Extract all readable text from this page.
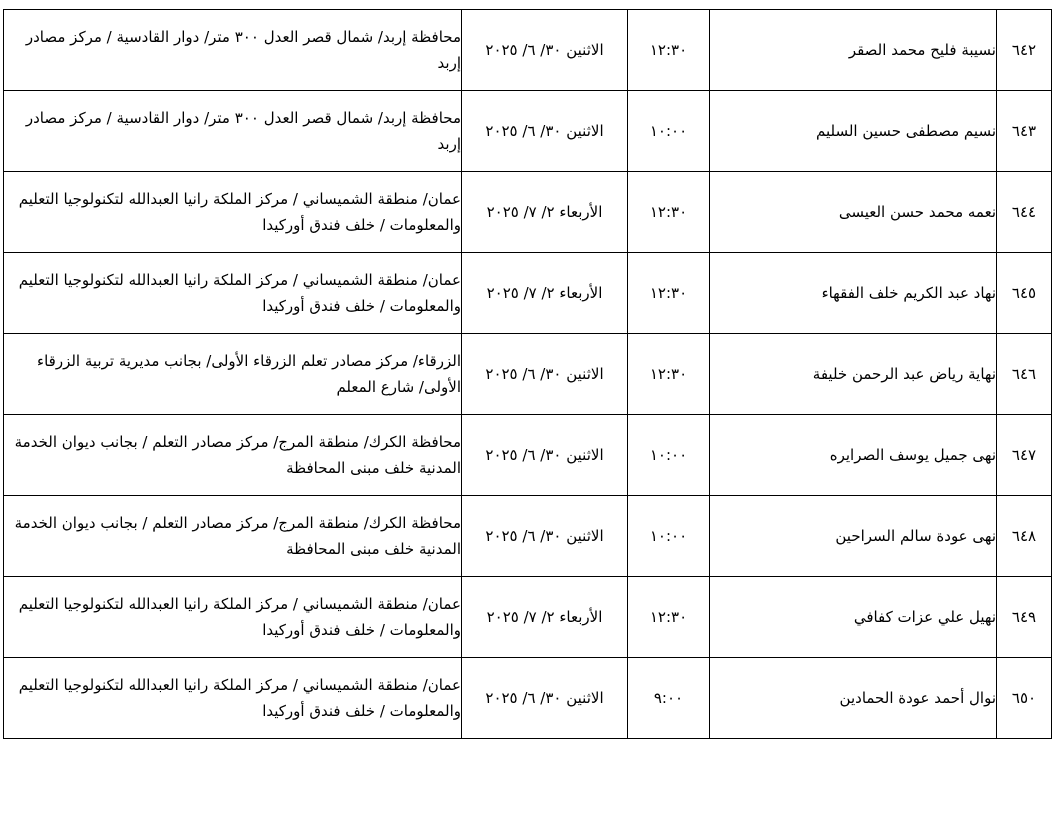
٦٤٢	نسيبة فليح محمد الصقر	١٢:٣٠	الاثنين ٣٠/ ٦/ ٢٠٢٥	محافظة إربد/ شمال قصر العدل ٣٠٠ متر/ دوار القادسية / مركز مصادر إربد
٦٤٣	نسيم مصطفى حسين السليم	١٠:٠٠	الاثنين ٣٠/ ٦/ ٢٠٢٥	محافظة إربد/ شمال قصر العدل ٣٠٠ متر/ دوار القادسية / مركز مصادر إربد
٦٤٤	نعمه محمد حسن العيسى	١٢:٣٠	الأربعاء ٢/ ٧/ ٢٠٢٥	عمان/ منطقة الشميساني / مركز الملكة رانيا العبدالله لتكنولوجيا التعليم والمعلومات / خلف فندق أوركيدا
٦٤٥	نهاد عبد الكريم خلف الفقهاء	١٢:٣٠	الأربعاء ٢/ ٧/ ٢٠٢٥	عمان/ منطقة الشميساني / مركز الملكة رانيا العبدالله لتكنولوجيا التعليم والمعلومات / خلف فندق أوركيدا
٦٤٦	نهاية رياض عبد الرحمن خليفة	١٢:٣٠	الاثنين ٣٠/ ٦/ ٢٠٢٥	الزرقاء/ مركز مصادر تعلم الزرقاء الأولى/ بجانب مديرية تربية الزرقاء الأولى/ شارع المعلم
٦٤٧	نهى جميل يوسف الصرايره	١٠:٠٠	الاثنين ٣٠/ ٦/ ٢٠٢٥	محافظة الكرك/ منطقة المرج/ مركز مصادر التعلم / بجانب ديوان الخدمة المدنية خلف مبنى المحافظة
٦٤٨	نهى عودة سالم السراحين	١٠:٠٠	الاثنين ٣٠/ ٦/ ٢٠٢٥	محافظة الكرك/ منطقة المرج/ مركز مصادر التعلم / بجانب ديوان الخدمة المدنية خلف مبنى المحافظة
٦٤٩	نهيل علي عزات كفافي	١٢:٣٠	الأربعاء ٢/ ٧/ ٢٠٢٥	عمان/ منطقة الشميساني / مركز الملكة رانيا العبدالله لتكنولوجيا التعليم والمعلومات / خلف فندق أوركيدا
٦٥٠	نوال أحمد عودة الحمادين	٩:٠٠	الاثنين ٣٠/ ٦/ ٢٠٢٥	عمان/ منطقة الشميساني / مركز الملكة رانيا العبدالله لتكنولوجيا التعليم والمعلومات / خلف فندق أوركيدا
